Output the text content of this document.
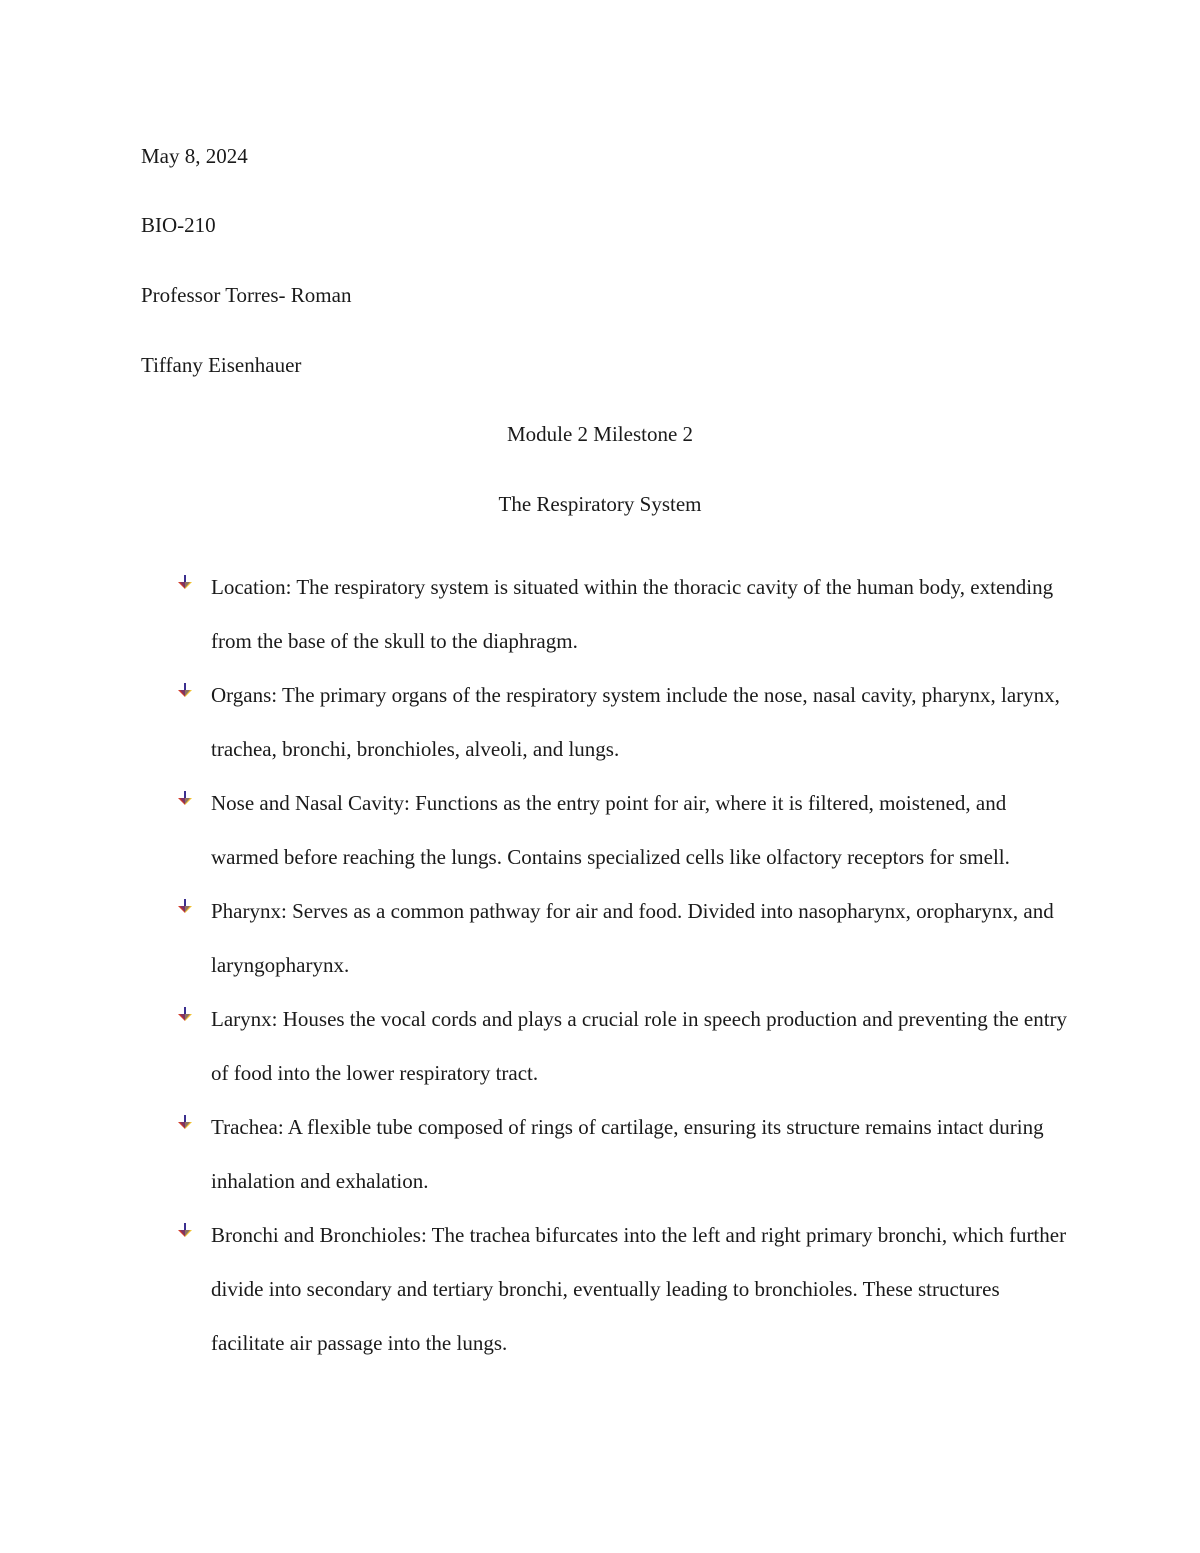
May 8, 2024
BIO-210
Professor Torres- Roman
Tiffany Eisenhauer
Module 2 Milestone 2
The Respiratory System
Location: The respiratory system is situated within the thoracic cavity of the human body, extending from the base of the skull to the diaphragm.
Organs: The primary organs of the respiratory system include the nose, nasal cavity, pharynx, larynx, trachea, bronchi, bronchioles, alveoli, and lungs.
Nose and Nasal Cavity: Functions as the entry point for air, where it is filtered, moistened, and warmed before reaching the lungs. Contains specialized cells like olfactory receptors for smell.
Pharynx: Serves as a common pathway for air and food. Divided into nasopharynx, oropharynx, and laryngopharynx.
Larynx: Houses the vocal cords and plays a crucial role in speech production and preventing the entry of food into the lower respiratory tract.
Trachea: A flexible tube composed of rings of cartilage, ensuring its structure remains intact during inhalation and exhalation.
Bronchi and Bronchioles: The trachea bifurcates into the left and right primary bronchi, which further divide into secondary and tertiary bronchi, eventually leading to bronchioles. These structures facilitate air passage into the lungs.
